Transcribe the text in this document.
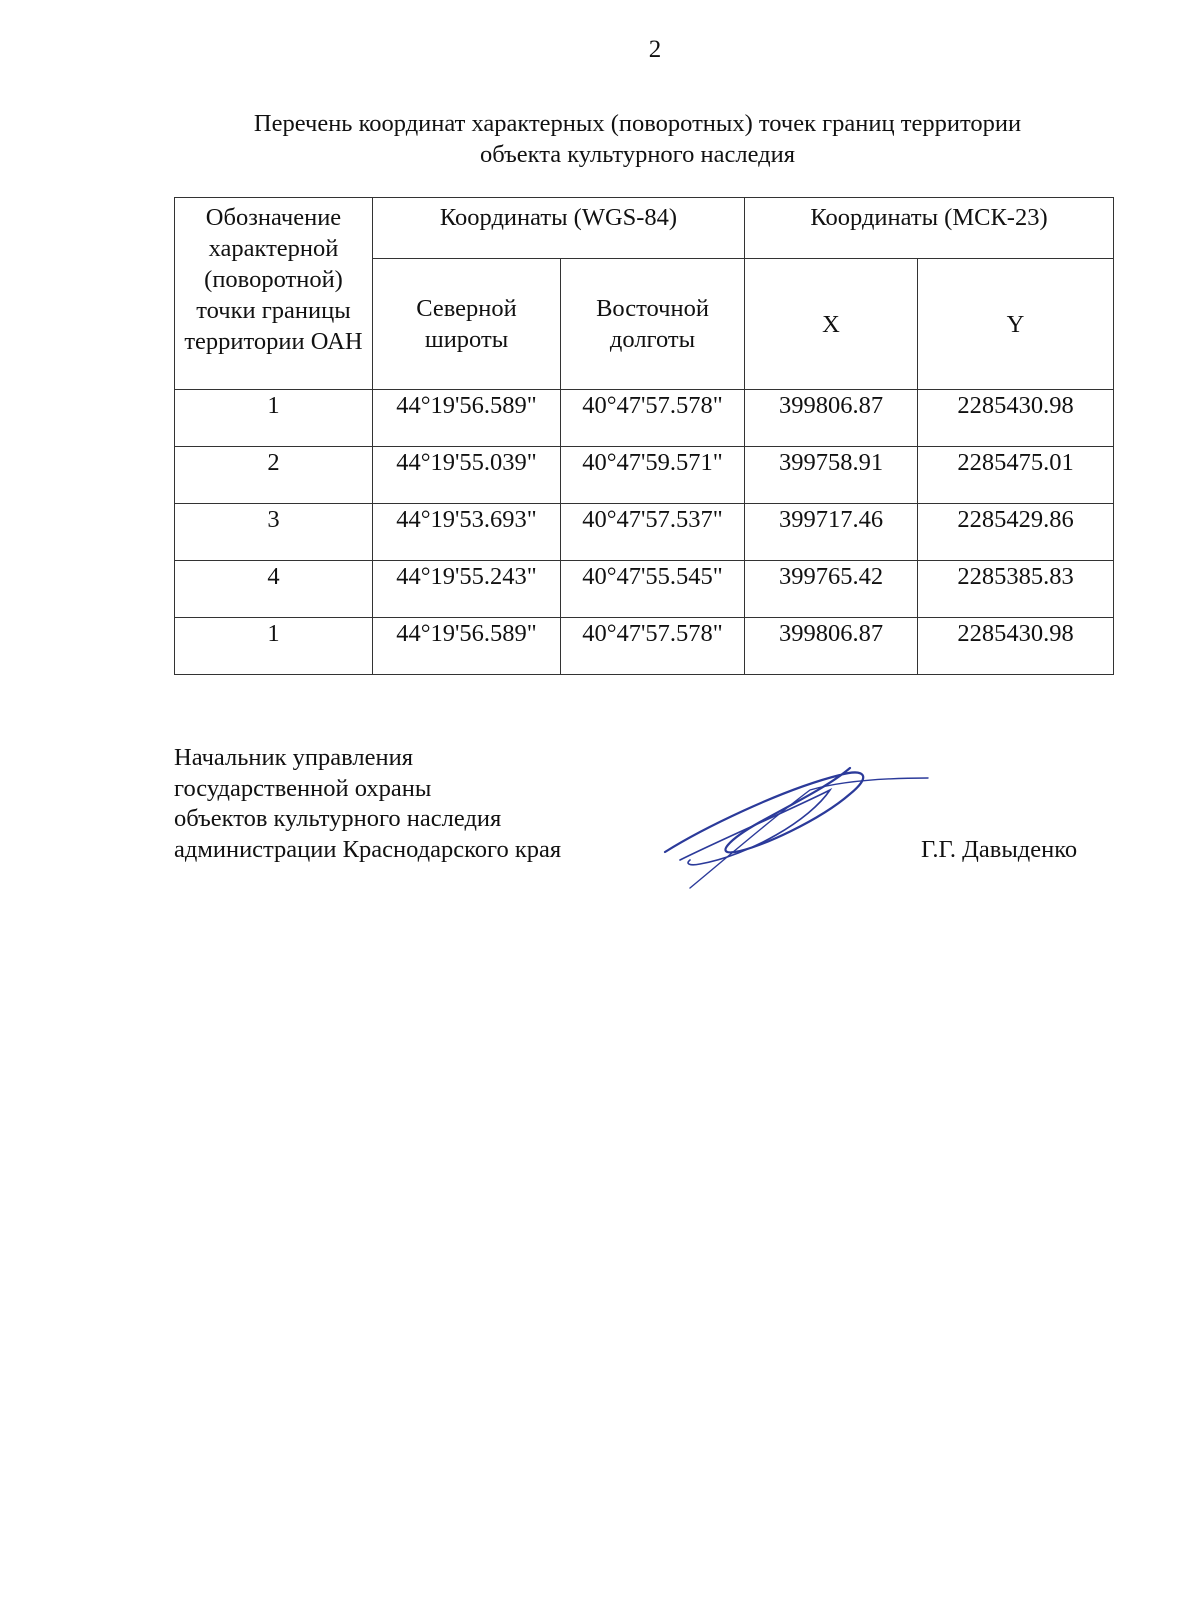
2
Перечень координат характерных (поворотных) точек границ территории
объекта культурного наследия
Обозначение характерной (поворотной) точки границы территории ОАН	Координаты (WGS-84)		Координаты (МСК-23)	
	Северной широты	Восточной долготы	X	Y
1	44°19'56.589"	40°47'57.578"	399806.87	2285430.98
2	44°19'55.039"	40°47'59.571"	399758.91	2285475.01
3	44°19'53.693"	40°47'57.537"	399717.46	2285429.86
4	44°19'55.243"	40°47'55.545"	399765.42	2285385.83
1	44°19'56.589"	40°47'57.578"	399806.87	2285430.98
Начальник управления
государственной охраны
объектов культурного наследия
администрации Краснодарского края	Г.Г. Давыденко
